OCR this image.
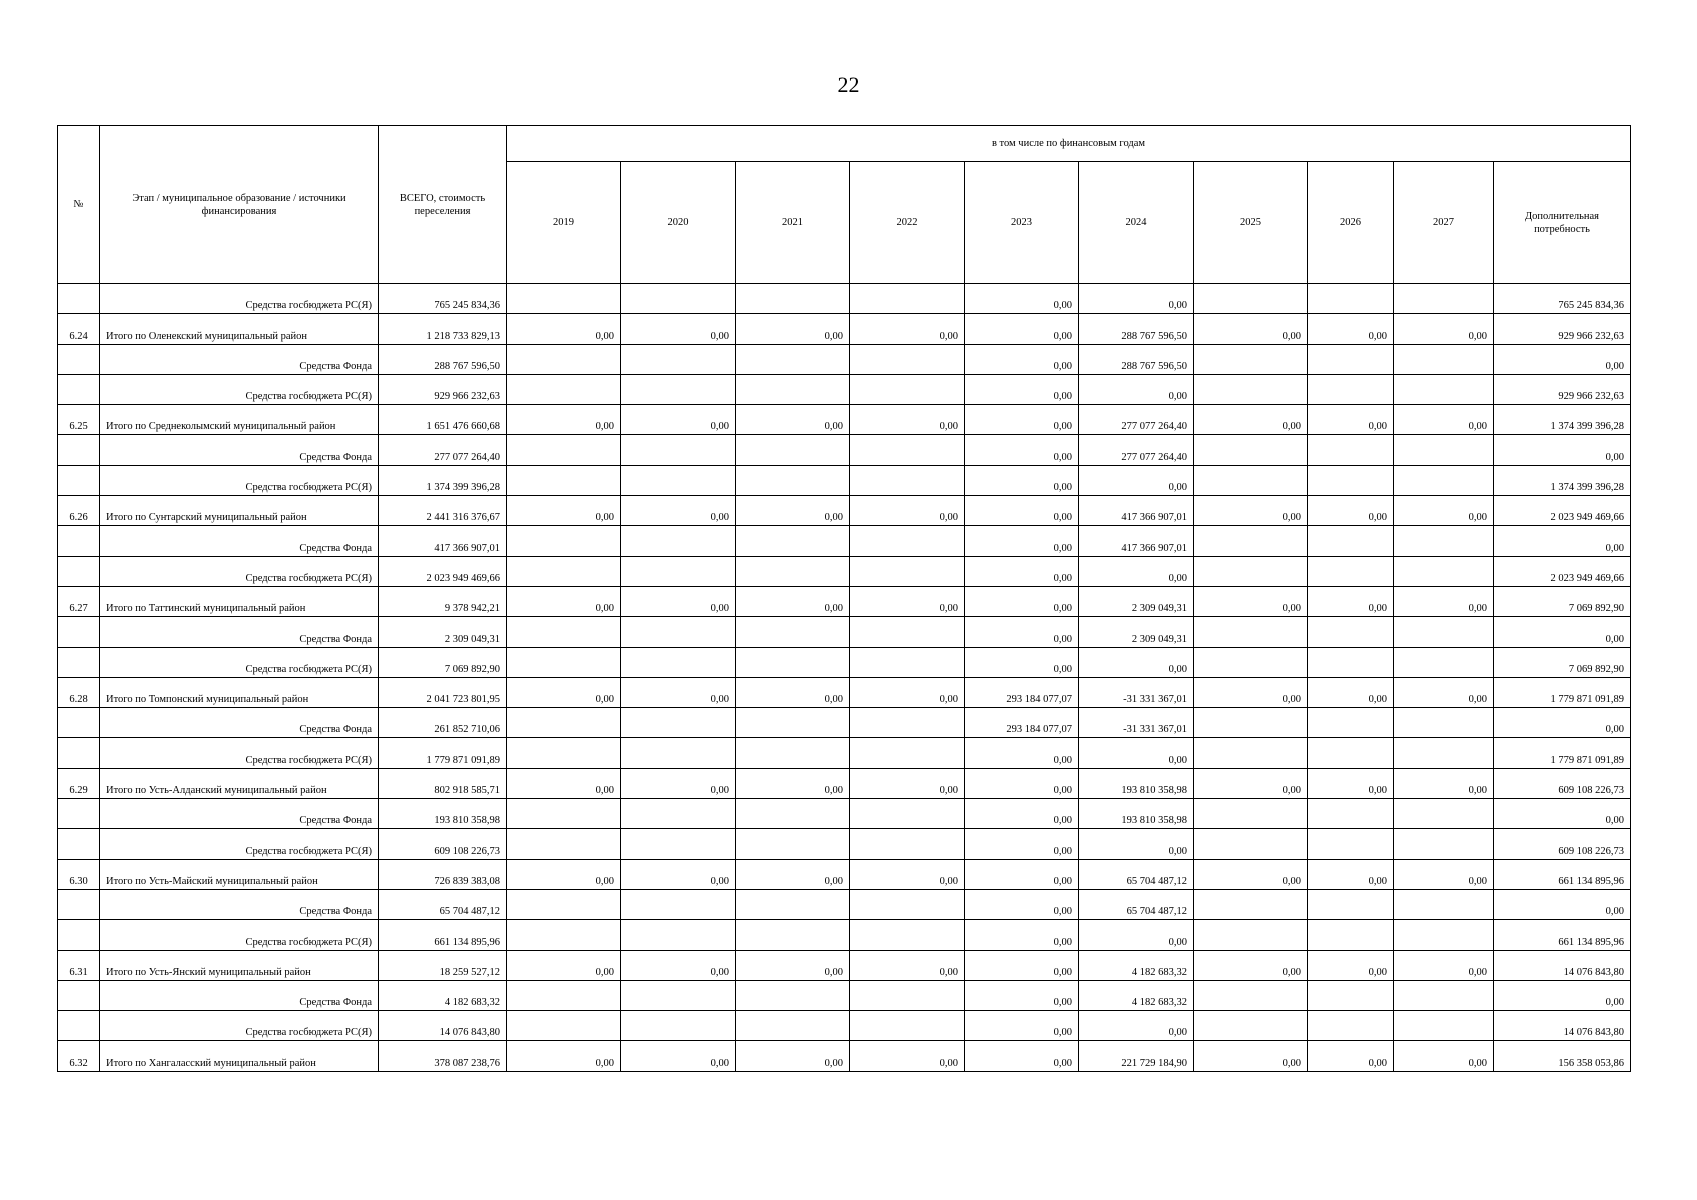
22
№	Этап / муниципальное образование / источники финансирования	ВСЕГО, стоимость переселения	в том числе по финансовым годам									
			2019	2020	2021	2022	2023	2024	2025	2026	2027	Дополнительная потребность
	Средства госбюджета РС(Я)	765 245 834,36					0,00	0,00				765 245 834,36
6.24	Итого по Оленекский муниципальный район	1 218 733 829,13	0,00	0,00	0,00	0,00	0,00	288 767 596,50	0,00	0,00	0,00	929 966 232,63
	Средства Фонда	288 767 596,50					0,00	288 767 596,50				0,00
	Средства госбюджета РС(Я)	929 966 232,63					0,00	0,00				929 966 232,63
6.25	Итого по Среднеколымский муниципальный район	1 651 476 660,68	0,00	0,00	0,00	0,00	0,00	277 077 264,40	0,00	0,00	0,00	1 374 399 396,28
	Средства Фонда	277 077 264,40					0,00	277 077 264,40				0,00
	Средства госбюджета РС(Я)	1 374 399 396,28					0,00	0,00				1 374 399 396,28
6.26	Итого по Сунтарский муниципальный район	2 441 316 376,67	0,00	0,00	0,00	0,00	0,00	417 366 907,01	0,00	0,00	0,00	2 023 949 469,66
	Средства Фонда	417 366 907,01					0,00	417 366 907,01				0,00
	Средства госбюджета РС(Я)	2 023 949 469,66					0,00	0,00				2 023 949 469,66
6.27	Итого по Таттинский муниципальный район	9 378 942,21	0,00	0,00	0,00	0,00	0,00	2 309 049,31	0,00	0,00	0,00	7 069 892,90
	Средства Фонда	2 309 049,31					0,00	2 309 049,31				0,00
	Средства госбюджета РС(Я)	7 069 892,90					0,00	0,00				7 069 892,90
6.28	Итого по Томпонский муниципальный район	2 041 723 801,95	0,00	0,00	0,00	0,00	293 184 077,07	-31 331 367,01	0,00	0,00	0,00	1 779 871 091,89
	Средства Фонда	261 852 710,06					293 184 077,07	-31 331 367,01				0,00
	Средства госбюджета РС(Я)	1 779 871 091,89					0,00	0,00				1 779 871 091,89
6.29	Итого по Усть-Алданский муниципальный район	802 918 585,71	0,00	0,00	0,00	0,00	0,00	193 810 358,98	0,00	0,00	0,00	609 108 226,73
	Средства Фонда	193 810 358,98					0,00	193 810 358,98				0,00
	Средства госбюджета РС(Я)	609 108 226,73					0,00	0,00				609 108 226,73
6.30	Итого по Усть-Майский муниципальный район	726 839 383,08	0,00	0,00	0,00	0,00	0,00	65 704 487,12	0,00	0,00	0,00	661 134 895,96
	Средства Фонда	65 704 487,12					0,00	65 704 487,12				0,00
	Средства госбюджета РС(Я)	661 134 895,96					0,00	0,00				661 134 895,96
6.31	Итого по Усть-Янский муниципальный район	18 259 527,12	0,00	0,00	0,00	0,00	0,00	4 182 683,32	0,00	0,00	0,00	14 076 843,80
	Средства Фонда	4 182 683,32					0,00	4 182 683,32				0,00
	Средства госбюджета РС(Я)	14 076 843,80					0,00	0,00				14 076 843,80
6.32	Итого по Хангаласский муниципальный район	378 087 238,76	0,00	0,00	0,00	0,00	0,00	221 729 184,90	0,00	0,00	0,00	156 358 053,86
